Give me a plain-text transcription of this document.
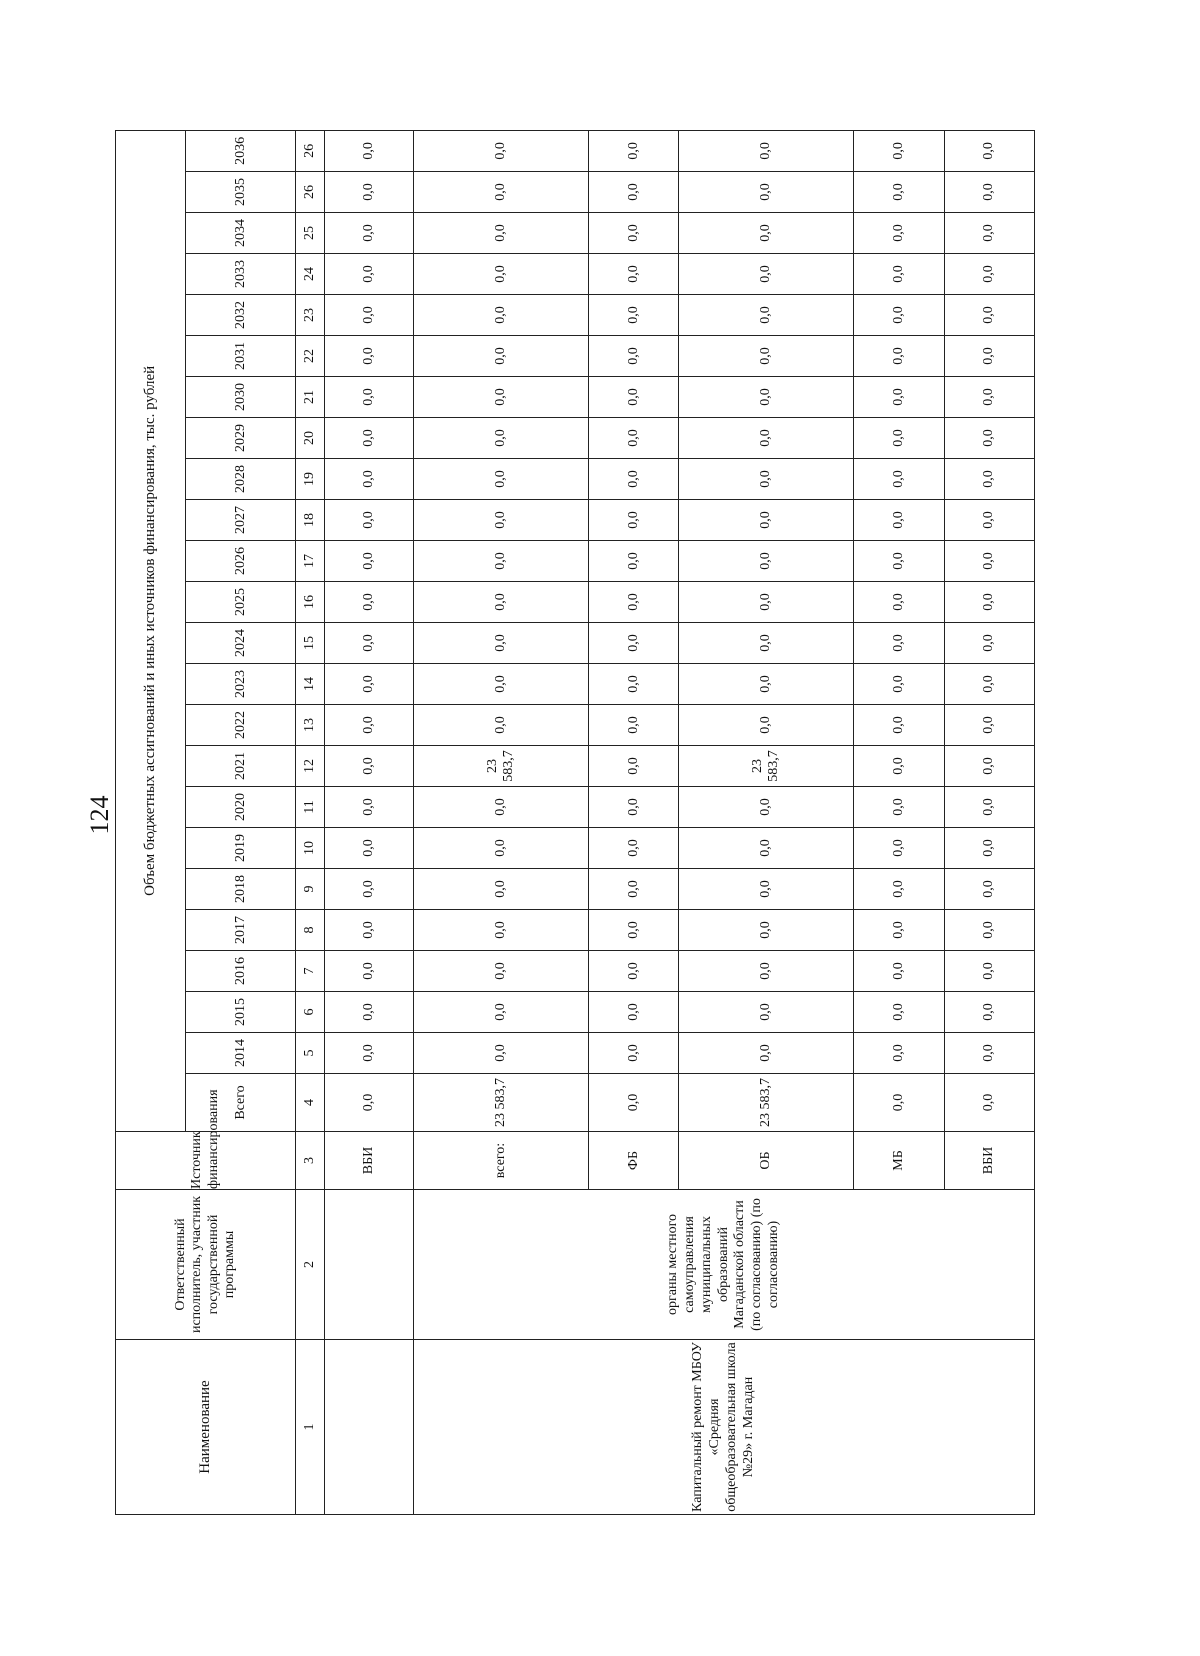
124
Наименование	Ответственный исполнитель, участник государственной программы	Источник финансирования	Объем бюджетных ассигнований и иных источников финансирования, тыс. рублей																							
			Всего	2014	2015	2016	2017	2018	2019	2020	2021	2022	2023	2024	2025	2026	2027	2028	2029	2030	2031	2032	2033	2034	2035	2036
1	2	3	4	5	6	7	8	9	10	11	12	13	14	15	16	17	18	19	20	21	22	23	24	25	26	26
		ВБИ	0,0	0,0	0,0	0,0	0,0	0,0	0,0	0,0	0,0	0,0	0,0	0,0	0,0	0,0	0,0	0,0	0,0	0,0	0,0	0,0	0,0	0,0	0,0	0,0
Капитальный ремонт МБОУ «Средняя общеобразовательная школа №29» г. Магадан	органы местного самоуправления муниципальных образований Магаданской области (по согласованию) (по согласованию)	всего:	23 583,7	0,0	0,0	0,0	0,0	0,0	0,0	0,0	23 583,7	0,0	0,0	0,0	0,0	0,0	0,0	0,0	0,0	0,0	0,0	0,0	0,0	0,0	0,0	0,0
		ФБ	0,0	0,0	0,0	0,0	0,0	0,0	0,0	0,0	0,0	0,0	0,0	0,0	0,0	0,0	0,0	0,0	0,0	0,0	0,0	0,0	0,0	0,0	0,0	0,0
		ОБ	23 583,7	0,0	0,0	0,0	0,0	0,0	0,0	0,0	23 583,7	0,0	0,0	0,0	0,0	0,0	0,0	0,0	0,0	0,0	0,0	0,0	0,0	0,0	0,0	0,0
		МБ	0,0	0,0	0,0	0,0	0,0	0,0	0,0	0,0	0,0	0,0	0,0	0,0	0,0	0,0	0,0	0,0	0,0	0,0	0,0	0,0	0,0	0,0	0,0	0,0
		ВБИ	0,0	0,0	0,0	0,0	0,0	0,0	0,0	0,0	0,0	0,0	0,0	0,0	0,0	0,0	0,0	0,0	0,0	0,0	0,0	0,0	0,0	0,0	0,0	0,0
